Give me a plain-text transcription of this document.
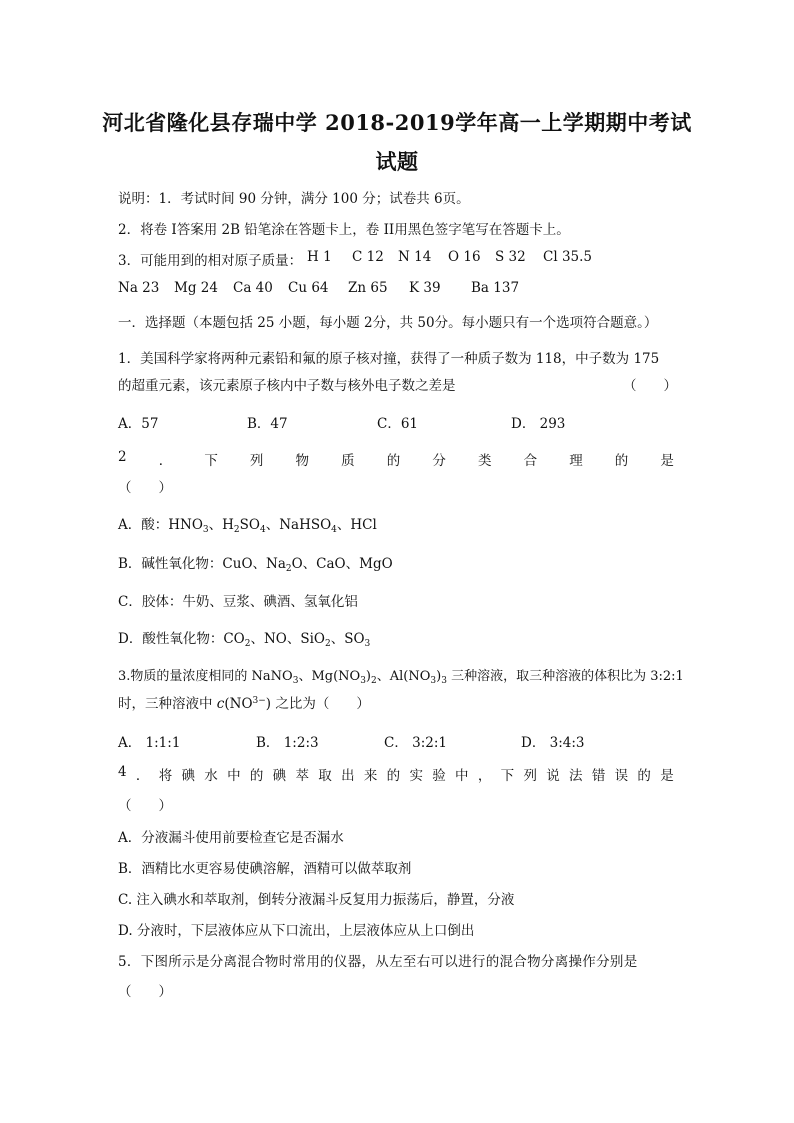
河北省隆化县存瑞中学 2018-2019学年高一上学期期中考试
试题
说明：1．考试时间 90 分钟，满分 100 分；试卷共 6页。
2．将卷 I答案用 2B 铅笔涂在答题卡上，卷 II用黑色签字笔写在答题卡上。
3．可能用到的相对原子质量： H 1 C 12 N 14 O 16 S 32 Cl 35.5
Na 23 Mg 24 Ca 40 Cu 64 Zn 65 K 39 Ba 137
一．选择题（本题包括 25 小题，每小题 2分，共 50分。每小题只有一个选项符合题意。）
1．美国科学家将两种元素铅和氟的原子核对撞，获得了一种质子数为 118，中子数为 175
的超重元素，该元素原子核内中子数与核外电子数之差是	（　　）
A．57	B．47	C．61	D． 293
2 ． 下 列 物 质 的 分 类 合 理 的 是
（　　）
A．酸：$HNO_3$、$H_2SO_4$、NaHSO$_4$、HCl
B．碱性氧化物：CuO、$Na_2O$、CaO、MgO
C．胶体：牛奶、豆浆、碘酒、氢氧化铝
D．酸性氧化物：$CO_2$、NO、SiO$_2$、$SO_3$
3.物质的量浓度相同的 NaNO$_3$、$Mg(NO_3)_2$、$Al(NO_3)_3$ 三种溶液，取三种溶液的体积比为 3:2:1
时，三种溶液中 $c(NO^{3-})$ 之比为（　　）
A． 1:1:1	B． 1:2:3	C． 3:2:1	D． 3:4:3
4 ． 将 碘 水 中 的 碘 萃 取 出 来 的 实 验 中 ， 下 列 说 法 错 误 的 是
（　　）
A．分液漏斗使用前要检查它是否漏水
B．酒精比水更容易使碘溶解，酒精可以做萃取剂
C. 注入碘水和萃取剂，倒转分液漏斗反复用力振荡后，静置，分液
D. 分液时，下层液体应从下口流出，上层液体应从上口倒出
5．下图所示是分离混合物时常用的仪器，从左至右可以进行的混合物分离操作分别是
（　　）
